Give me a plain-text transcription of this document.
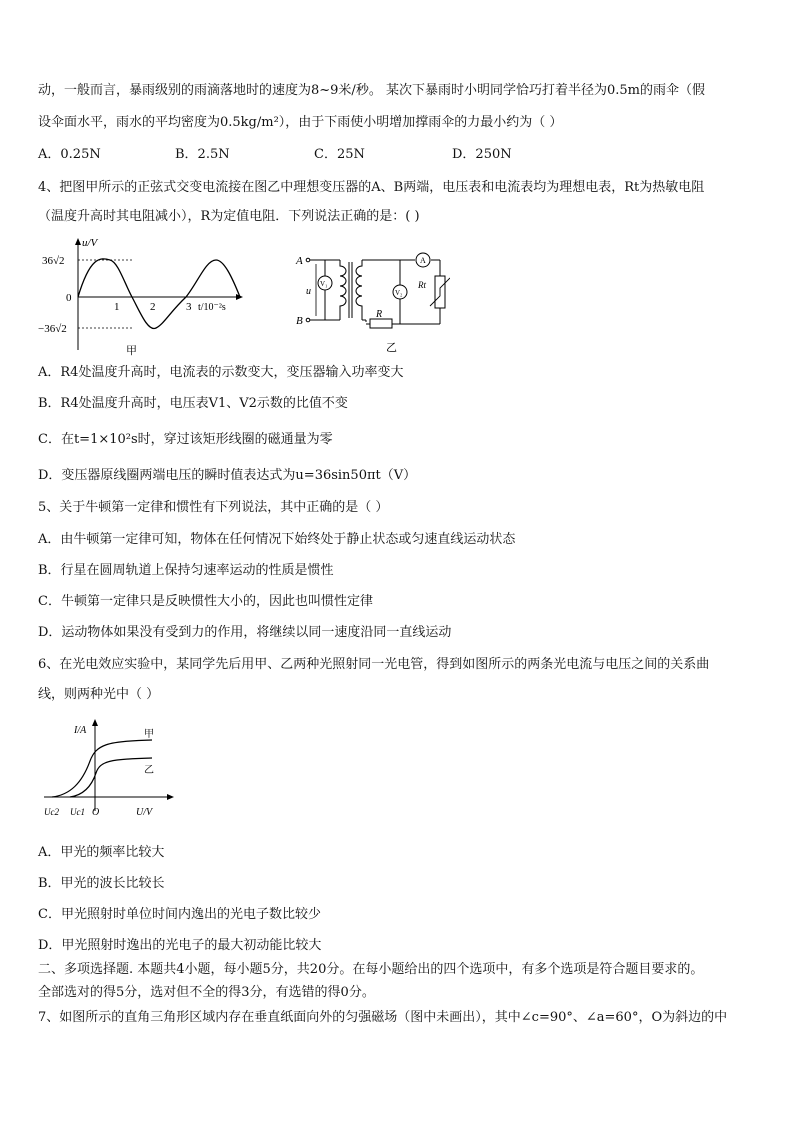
动，一般而言，暴雨级别的雨滴落地时的速度为8~9米/秒。 某次下暴雨时小明同学恰巧打着半径为0.5m的雨伞（假
设伞面水平，雨水的平均密度为0.5kg/m²），由于下雨使小明增加撑雨伞的力最小约为（ ）
A．0.25N	B．2.5N	C．25N	D．250N
4、把图甲所示的正弦式交变电流接在图乙中理想变压器的A、B两端，电压表和电流表均为理想电表，Rt为热敏电阻
（温度升高时其电阻减小），R为定值电阻．下列说法正确的是：( )
u/V
36√2
−36√2
0
1	2	3 t/10⁻²s
甲
A
B
u
V₁
V₂
A
R
Rt
乙
A．R4处温度升高时，电流表的示数变大，变压器输入功率变大
B．R4处温度升高时，电压表V1、V2示数的比值不变
C．在t=1×10²s时，穿过该矩形线圈的磁通量为零
D．变压器原线圈两端电压的瞬时值表达式为u=36sin50πt（V）
5、关于牛顿第一定律和惯性有下列说法，其中正确的是（ ）
A．由牛顿第一定律可知，物体在任何情况下始终处于静止状态或匀速直线运动状态
B．行星在圆周轨道上保持匀速率运动的性质是惯性
C．牛顿第一定律只是反映惯性大小的，因此也叫惯性定律
D．运动物体如果没有受到力的作用，将继续以同一速度沿同一直线运动
6、在光电效应实验中，某同学先后用甲、乙两种光照射同一光电管，得到如图所示的两条光电流与电压之间的关系曲
线，则两种光中（ ）
I/A	甲
乙
Uc2 Uc1 O	U/V
A．甲光的频率比较大
B．甲光的波长比较长
C．甲光照射时单位时间内逸出的光电子数比较少
D．甲光照射时逸出的光电子的最大初动能比较大
二、多项选择题. 本题共4小题，每小题5分，共20分。在每小题给出的四个选项中，有多个选项是符合题目要求的。
全部选对的得5分，选对但不全的得3分，有选错的得0分。
7、如图所示的直角三角形区域内存在垂直纸面向外的匀强磁场（图中未画出），其中∠c=90°、∠a=60°，O为斜边的中
